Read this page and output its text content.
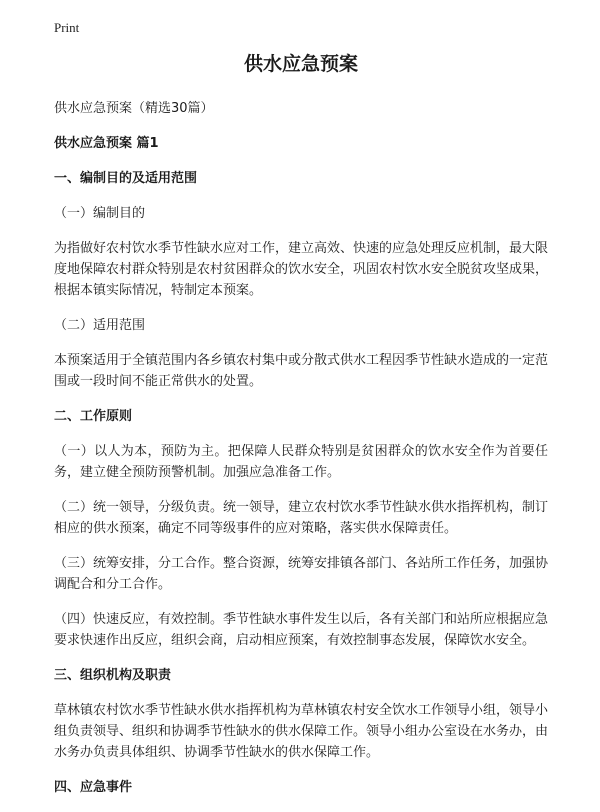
Print
供水应急预案
供水应急预案（精选30篇）
供水应急预案 篇1
一、编制目的及适用范围
（一）编制目的
为指做好农村饮水季节性缺水应对工作，建立高效、快速的应急处理反应机制，最大限度地保障农村群众特别是农村贫困群众的饮水安全，巩固农村饮水安全脱贫攻坚成果，根据本镇实际情况，特制定本预案。
（二）适用范围
本预案适用于全镇范围内各乡镇农村集中或分散式供水工程因季节性缺水造成的一定范围或一段时间不能正常供水的处置。
二、工作原则
（一）以人为本，预防为主。把保障人民群众特别是贫困群众的饮水安全作为首要任务，建立健全预防预警机制。加强应急准备工作。
（二）统一领导，分级负责。统一领导，建立农村饮水季节性缺水供水指挥机构，制订相应的供水预案，确定不同等级事件的应对策略，落实供水保障责任。
（三）统筹安排，分工合作。整合资源，统筹安排镇各部门、各站所工作任务，加强协调配合和分工合作。
（四）快速反应，有效控制。季节性缺水事件发生以后，各有关部门和站所应根据应急要求快速作出反应，组织会商，启动相应预案，有效控制事态发展，保障饮水安全。
三、组织机构及职责
草林镇农村饮水季节性缺水供水指挥机构为草林镇农村安全饮水工作领导小组，领导小组负责领导、组织和协调季节性缺水的供水保障工作。领导小组办公室设在水务办，由水务办负责具体组织、协调季节性缺水的供水保障工作。
四、应急事件
